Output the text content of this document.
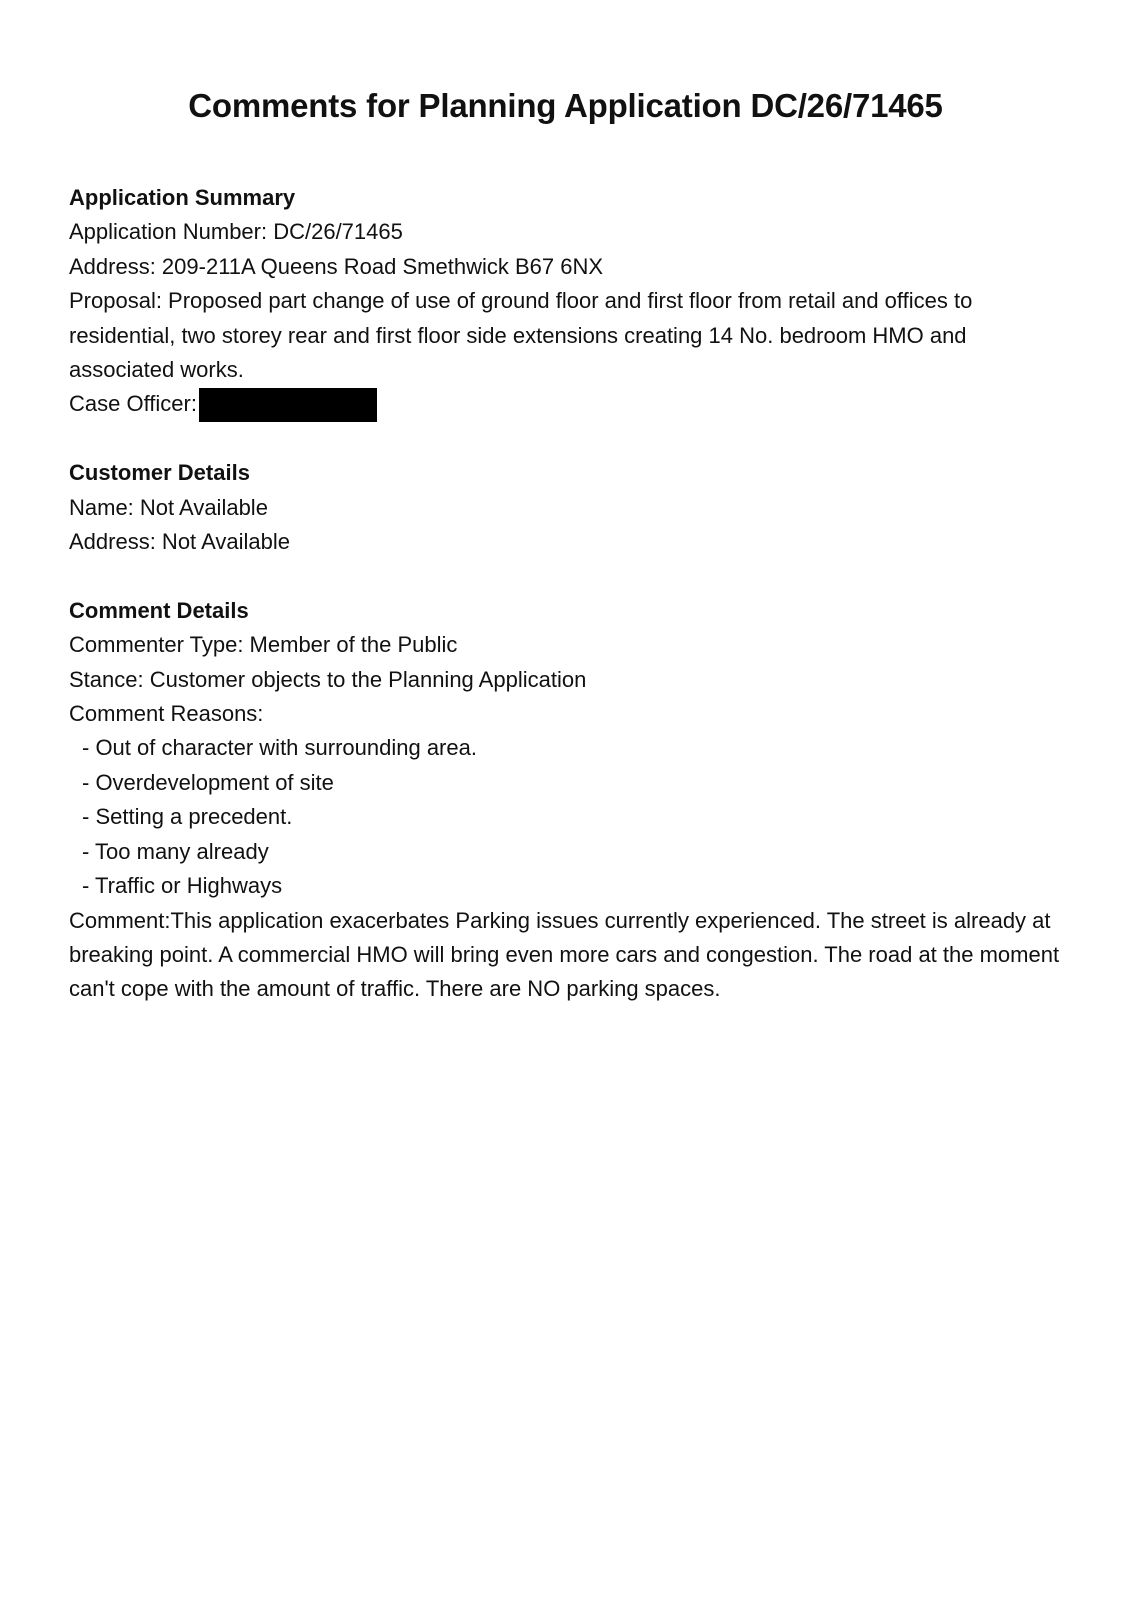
Comments for Planning Application DC/26/71465

Application Summary

Application Number: DC/26/71465

Address: 209-211A Queens Road Smethwick B67 6NX

Proposal: Proposed part change of use of ground floor and first floor from retail and offices to residential, two storey rear and first floor side extensions creating 14 No. bedroom HMO and associated works.

Case Officer:

Customer Details

Name: Not Available

Address: Not Available

Comment Details

Commenter Type: Member of the Public

Stance: Customer objects to the Planning Application

Comment Reasons:

- Out of character with surrounding area.

- Overdevelopment of site

- Setting a precedent.

- Too many already

- Traffic or Highways

Comment:This application exacerbates Parking issues currently experienced. The street is already at breaking point. A commercial HMO will bring even more cars and congestion. The road at the moment can't cope with the amount of traffic. There are NO parking spaces.
